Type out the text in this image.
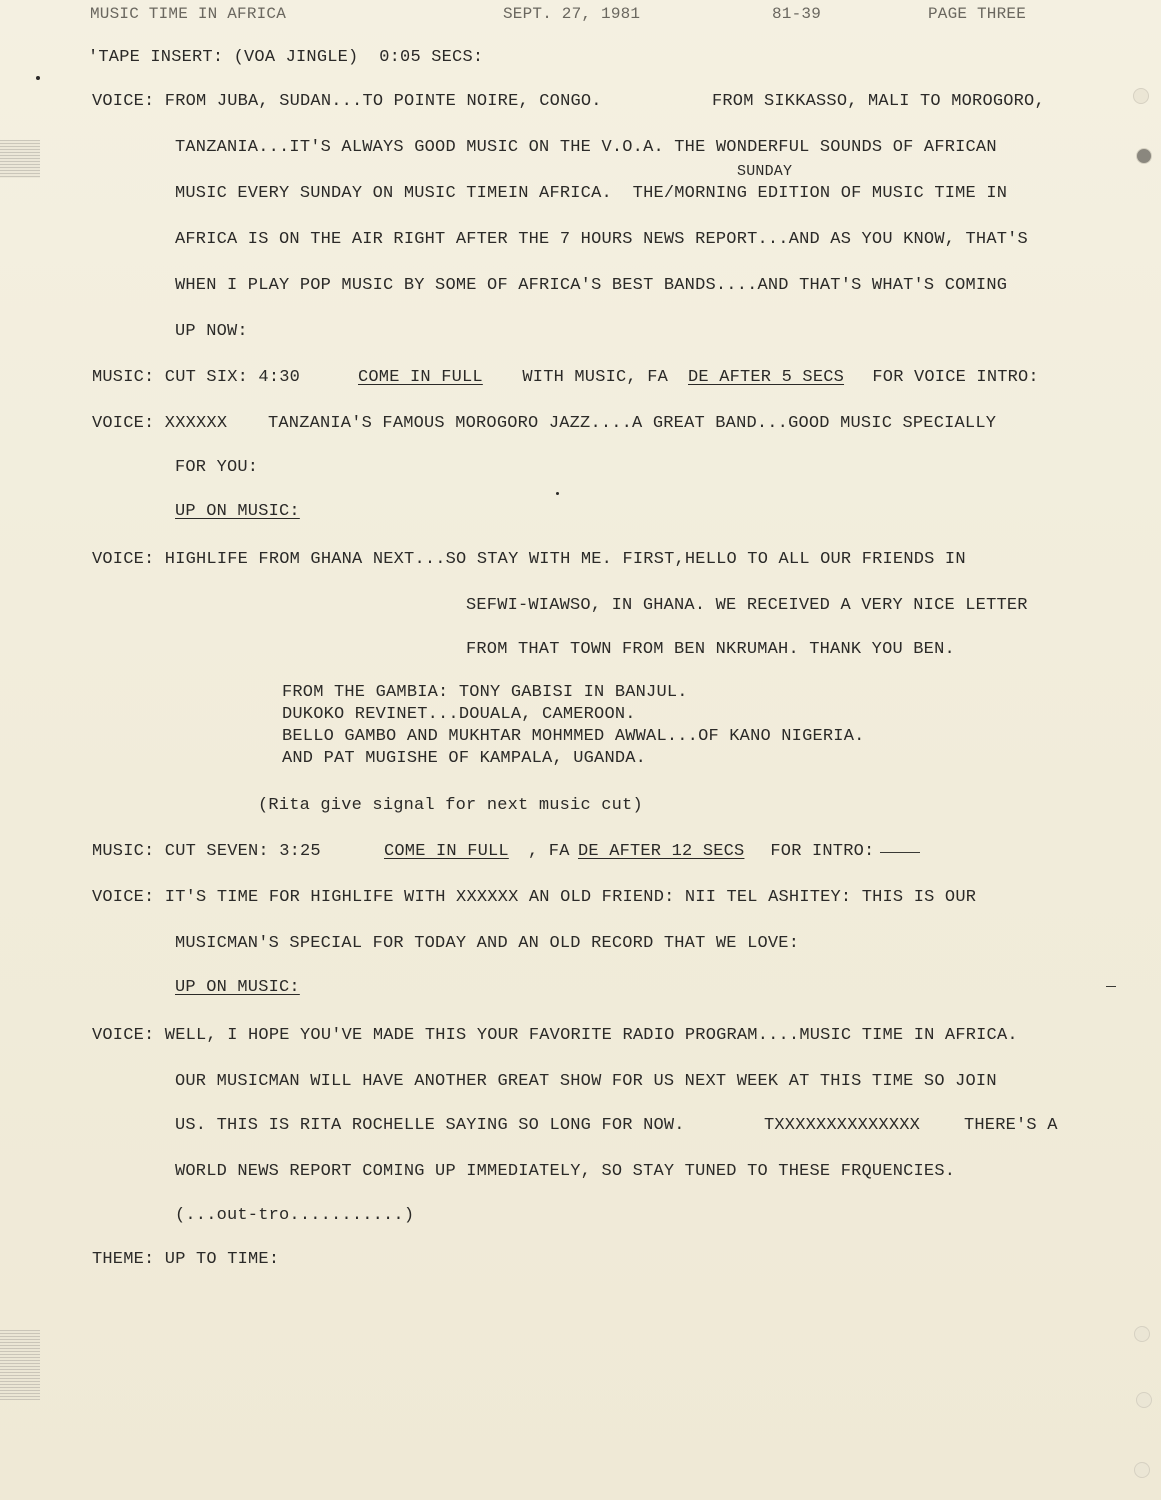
MUSIC TIME IN AFRICA	SEPT. 27, 1981	81-39	PAGE THREE
'TAPE INSERT: (VOA JINGLE)  0:05 SECS:
VOICE: FROM JUBA, SUDAN...TO POINTE NOIRE, CONGO.	FROM SIKKASSO, MALI TO MOROGORO,
TANZANIA...IT'S ALWAYS GOOD MUSIC ON THE V.O.A. THE WONDERFUL SOUNDS OF AFRICAN
SUNDAY
MUSIC EVERY SUNDAY ON MUSIC TIMEIN AFRICA.  THE/MORNING EDITION OF MUSIC TIME IN
AFRICA IS ON THE AIR RIGHT AFTER THE 7 HOURS NEWS REPORT...AND AS YOU KNOW, THAT'S
WHEN I PLAY POP MUSIC BY SOME OF AFRICA'S BEST BANDS....AND THAT'S WHAT'S COMING
UP NOW:
MUSIC: CUT SIX: 4:30	COME IN FULL WITH MUSIC, FA DE AFTER 5 SECS FOR VOICE INTRO:
VOICE: XXXXXX TANZANIA'S FAMOUS MOROGORO JAZZ....A GREAT BAND...GOOD MUSIC SPECIALLY
FOR YOU:
UP ON MUSIC:
VOICE: HIGHLIFE FROM GHANA NEXT...SO STAY WITH ME. FIRST,HELLO TO ALL OUR FRIENDS IN
SEFWI-WIAWSO, IN GHANA. WE RECEIVED A VERY NICE LETTER
FROM THAT TOWN FROM BEN NKRUMAH. THANK YOU BEN.
FROM THE GAMBIA: TONY GABISI IN BANJUL.
DUKOKO REVINET...DOUALA, CAMEROON.
BELLO GAMBO AND MUKHTAR MOHMMED AWWAL...OF KANO NIGERIA.
AND PAT MUGISHE OF KAMPALA, UGANDA.
(Rita give signal for next music cut)
MUSIC: CUT SEVEN: 3:25	COME IN FULL , FA DE AFTER 12 SECS FOR INTRO:
VOICE: IT'S TIME FOR HIGHLIFE WITH XXXXXX AN OLD FRIEND: NII TEL ASHITEY: THIS IS OUR
MUSICMAN'S SPECIAL FOR TODAY AND AN OLD RECORD THAT WE LOVE:
UP ON MUSIC:
VOICE: WELL, I HOPE YOU'VE MADE THIS YOUR FAVORITE RADIO PROGRAM....MUSIC TIME IN AFRICA.
OUR MUSICMAN WILL HAVE ANOTHER GREAT SHOW FOR US NEXT WEEK AT THIS TIME SO JOIN
US. THIS IS RITA ROCHELLE SAYING SO LONG FOR NOW.	TXXXXXXXXXXXXXX	THERE'S A
WORLD NEWS REPORT COMING UP IMMEDIATELY, SO STAY TUNED TO THESE FRQUENCIES.
(...out-tro...........)
THEME: UP TO TIME:
